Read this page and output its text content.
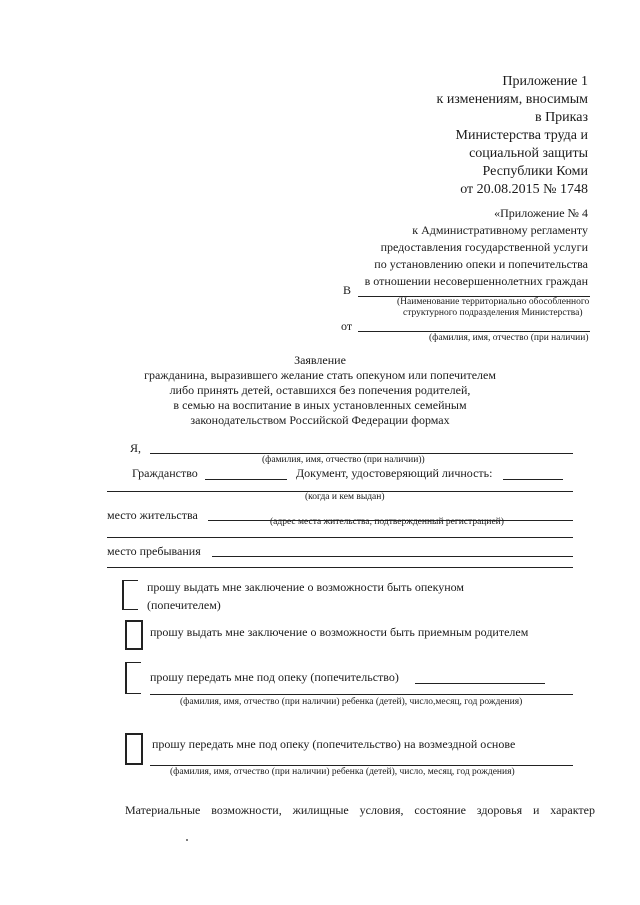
Приложение 1
к изменениям, вносимым
в Приказ
Министерства труда и
социальной защиты
Республики Коми
от 20.08.2015 № 1748
«Приложение № 4
к Административному регламенту
предоставления государственной услуги
по установлению опеки и попечительства
в отношении несовершеннолетних граждан
В
(Наименование территориально обособленного
структурного подразделения Министерства)
от
(фамилия, имя, отчество (при наличии)
Заявление
гражданина, выразившего желание стать опекуном или попечителем
либо принять детей, оставшихся без попечения родителей,
в семью на воспитание в иных установленных семейным
законодательством Российской Федерации формах
Я,
(фамилия, имя, отчество (при наличии))
Гражданство	Документ, удостоверяющий личность:
(когда и кем выдан)
место жительства	(адрес места жительства, подтвержденный регистрацией)
место пребывания
прошу выдать мне заключение о возможности быть опекуном
(попечителем)
прошу выдать мне заключение о возможности быть приемным родителем
прошу передать мне под опеку (попечительство)
(фамилия, имя, отчество (при наличии) ребенка (детей), число,месяц, год рождения)
прошу передать мне под опеку (попечительство) на возмездной основе
(фамилия, имя, отчество (при наличии) ребенка (детей), число, месяц, год рождения)
Материальные возможности, жилищные условия, состояние здоровья и характер
